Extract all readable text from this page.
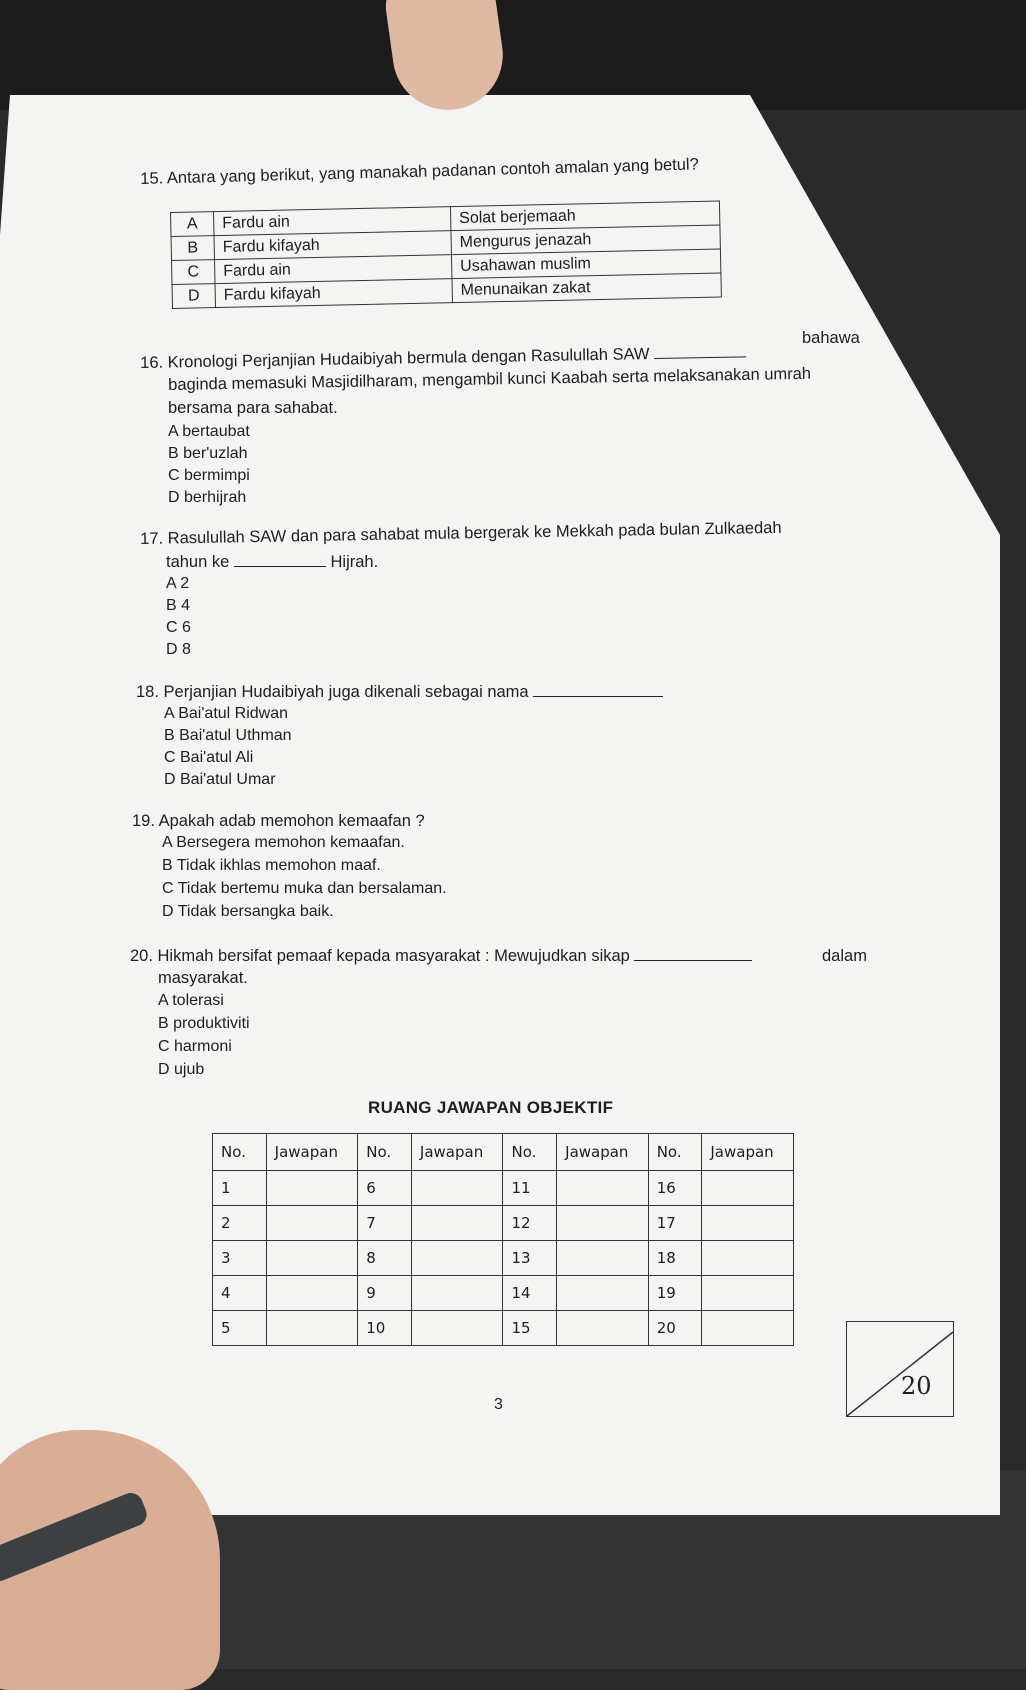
15. Antara yang berikut, yang manakah padanan contoh amalan yang betul?
A	Fardu ain	Solat berjemaah
B	Fardu kifayah	Mengurus jenazah
C	Fardu ain	Usahawan muslim
D	Fardu kifayah	Menunaikan zakat
16. Kronologi Perjanjian Hudaibiyah bermula dengan Rasulullah SAW
bahawa
baginda memasuki Masjidilharam, mengambil kunci Kaabah serta melaksanakan umrah
bersama para sahabat.
A bertaubat
B ber'uzlah
C bermimpi
D berhijrah
17. Rasulullah SAW dan para sahabat mula bergerak ke Mekkah pada bulan Zulkaedah
tahun ke	Hijrah.
A 2
B 4
C 6
D 8
18. Perjanjian Hudaibiyah juga dikenali sebagai nama
A Bai'atul Ridwan
B Bai'atul Uthman
C Bai'atul Ali
D Bai'atul Umar
19. Apakah adab memohon kemaafan ?
A Bersegera memohon kemaafan.
B Tidak ikhlas memohon maaf.
C Tidak bertemu muka dan bersalaman.
D Tidak bersangka baik.
20. Hikmah bersifat pemaaf kepada masyarakat : Mewujudkan sikap	dalam
masyarakat.
A tolerasi
B produktiviti
C harmoni
D ujub
RUANG JAWAPAN OBJEKTIF
No.	Jawapan	No.	Jawapan	No.	Jawapan	No.	Jawapan
1		6		11		16	
2		7		12		17	
3		8		13		18	
4		9		14		19	
5		10		15		20	
3
20
